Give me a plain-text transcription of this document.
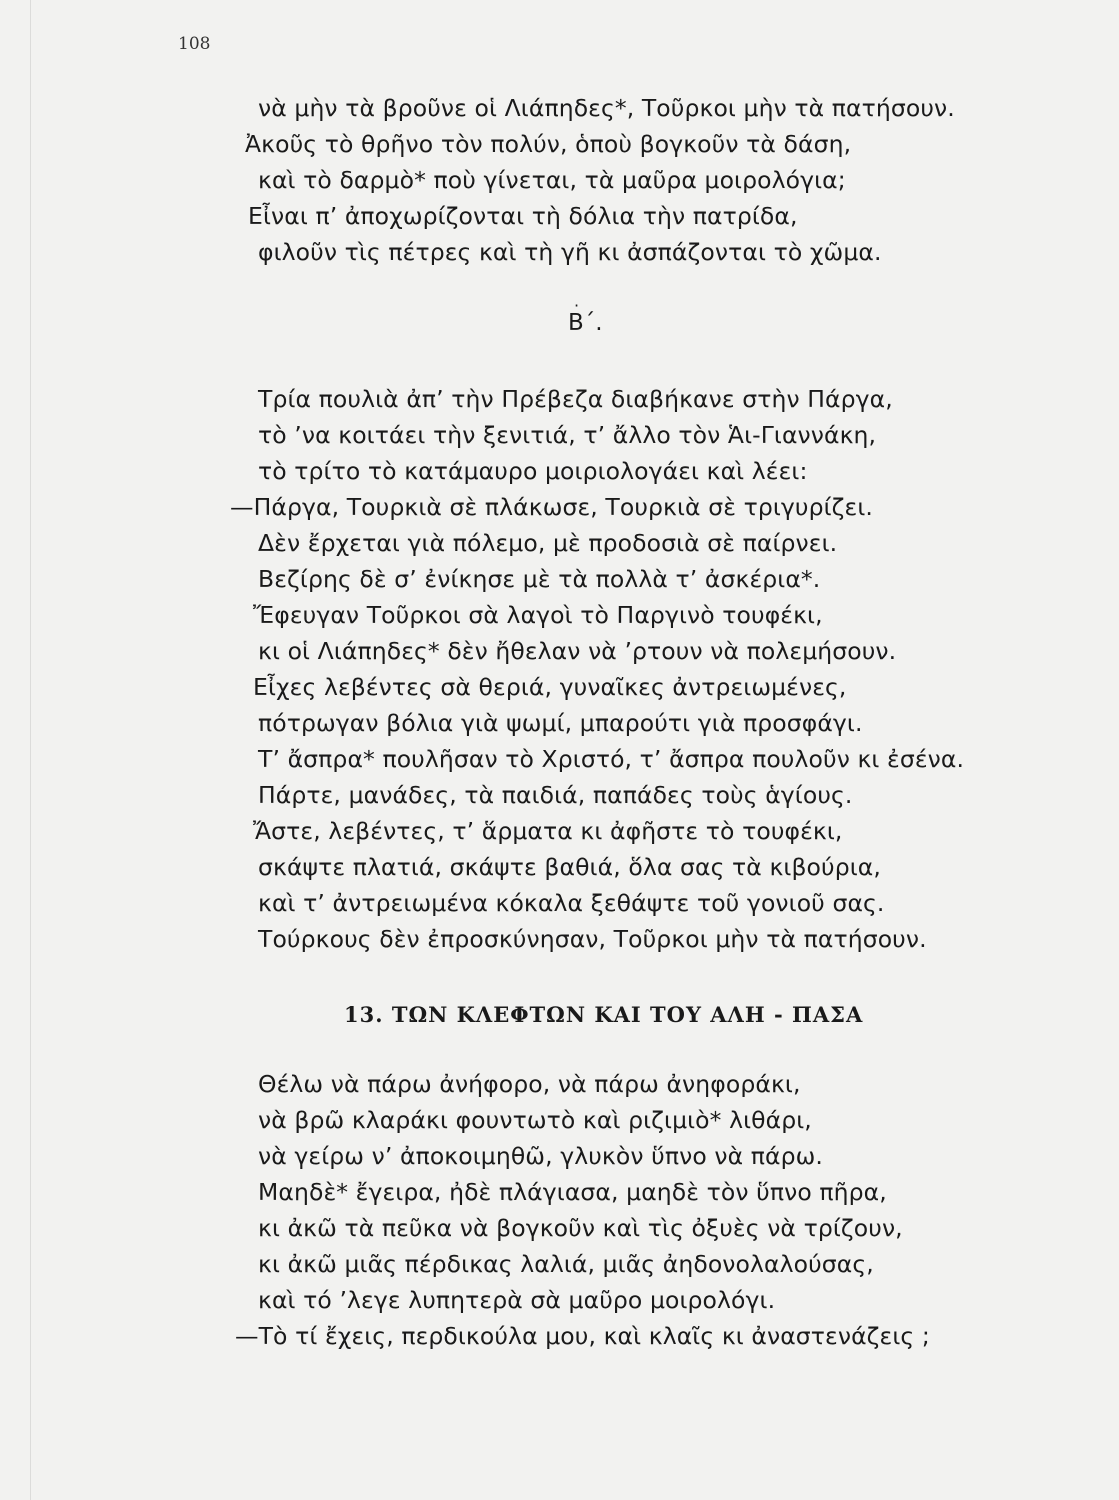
108
νὰ μὴν τὰ βροῦνε οἱ Λιάπηδες*, Τοῦρκοι μὴν τὰ πατήσουν.
Ἀκοῦς τὸ θρῆνο τὸν πολύν, ὁποὺ βογκοῦν τὰ δάση,
καὶ τὸ δαρμὸ* ποὺ γίνεται, τὰ μαῦρα μοιρολόγια;
Εἶναι π’ ἀποχωρίζονται τὴ δόλια τὴν πατρίδα,
φιλοῦν τὶς πέτρες καὶ τὴ γῆ κι ἀσπάζονται τὸ χῶμα.
·
Β΄.
Τρία πουλιὰ ἀπ’ τὴν Πρέβεζα διαβήκανε στὴν Πάργα,
τὸ ’να κοιτάει τὴν ξενιτιά, τ’ ἄλλο τὸν Ἁι-Γιαννάκη,
τὸ τρίτο τὸ κατάμαυρο μοιριολογάει καὶ λέει:
—Πάργα, Τουρκιὰ σὲ πλάκωσε, Τουρκιὰ σὲ τριγυρίζει.
Δὲν ἔρχεται γιὰ πόλεμο, μὲ προδοσιὰ σὲ παίρνει.
Βεζίρης δὲ σ’ ἐνίκησε μὲ τὰ πολλὰ τ’ ἀσκέρια*.
Ἔφευγαν Τοῦρκοι σὰ λαγοὶ τὸ Παργινὸ τουφέκι,
κι οἱ Λιάπηδες* δὲν ἤθελαν νὰ ’ρτουν νὰ πολεμήσουν.
Εἶχες λεβέντες σὰ θεριά, γυναῖκες ἀντρειωμένες,
πότρωγαν βόλια γιὰ ψωμί, μπαρούτι γιὰ προσφάγι.
Τ’ ἄσπρα* πουλῆσαν τὸ Χριστό, τ’ ἄσπρα πουλοῦν κι ἐσένα.
Πάρτε, μανάδες, τὰ παιδιά, παπάδες τοὺς ἁγίους.
Ἄστε, λεβέντες, τ’ ἅρματα κι ἀφῆστε τὸ τουφέκι,
σκάψτε πλατιά, σκάψτε βαθιά, ὅλα σας τὰ κιβούρια,
καὶ τ’ ἀντρειωμένα κόκαλα ξεθάψτε τοῦ γονιοῦ σας.
Τούρκους δὲν ἐπροσκύνησαν, Τοῦρκοι μὴν τὰ πατήσουν.
13. ΤΩΝ ΚΛΕΦΤΩΝ ΚΑΙ ΤΟΥ ΑΛΗ - ΠΑΣΑ
Θέλω νὰ πάρω ἀνήφορο, νὰ πάρω ἀνηφοράκι,
νὰ βρῶ κλαράκι φουντωτὸ καὶ ριζιμιὸ* λιθάρι,
νὰ γείρω ν’ ἀποκοιμηθῶ, γλυκὸν ὕπνο νὰ πάρω.
Μαηδὲ* ἔγειρα, ἠδὲ πλάγιασα, μαηδὲ τὸν ὕπνο πῆρα,
κι ἀκῶ τὰ πεῦκα νὰ βογκοῦν καὶ τὶς ὀξυὲς νὰ τρίζουν,
κι ἀκῶ μιᾶς πέρδικας λαλιά, μιᾶς ἀηδονολαλούσας,
καὶ τό ’λεγε λυπητερὰ σὰ μαῦρο μοιρολόγι.
—Τὸ τί ἔχεις, περδικούλα μου, καὶ κλαῖς κι ἀναστενάζεις ;
